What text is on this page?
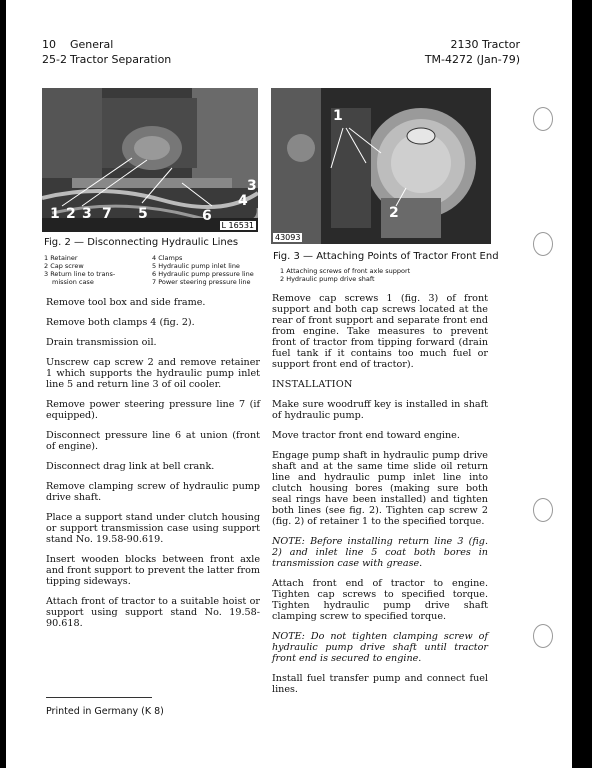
10 General
25-2 Tractor Separation
2130 Tractor
TM-4272 (Jan-79)
1 2 3 7 5	6
4
3
L 16531
Fig. 2 — Disconnecting Hydraulic Lines
1 Retainer
2 Cap screw
3 Return line to trans-
mission case
4 Clamps
5 Hydraulic pump inlet line
6 Hydraulic pump pressure line
7 Power steering pressure line
1
2
43093
Fig. 3 — Attaching Points of Tractor Front End
1 Attaching screws of front axle support
2 Hydraulic pump drive shaft

Remove tool box and side frame.

Remove both clamps 4 (fig. 2).

Drain transmission oil.

Unscrew cap screw 2 and remove retainer 1 which supports the hydraulic pump inlet line 5 and return line 3 of oil cooler.

Remove power steering pressure line 7 (if equipped).

Disconnect pressure line 6 at union (front of engine).

Disconnect drag link at bell crank.

Remove clamping screw of hydraulic pump drive shaft.

Place a support stand under clutch housing or support transmission case using support stand No. 19.58-90.619.

Insert wooden blocks between front axle and front support to prevent the latter from tipping sideways.

Attach front of tractor to a suitable hoist or support using support stand No. 19.58-90.618.

Remove cap screws 1 (fig. 3) of front support and both cap screws located at the rear of front support and separate front end from engine. Take measures to prevent front of tractor from tipping forward (drain fuel tank if it contains too much fuel or support front end of tractor).

INSTALLATION

Make sure woodruff key is installed in shaft of hydraulic pump.

Move tractor front end toward engine.

Engage pump shaft in hydraulic pump drive shaft and at the same time slide oil return line and hydraulic pump inlet line into clutch housing bores (making sure both seal rings have been installed) and tighten both lines (see fig. 2). Tighten cap screw 2 (fig. 2) of retainer 1 to the specified torque.

NOTE: Before installing return line 3 (fig. 2) and inlet line 5 coat both bores in transmission case with grease.

Attach front end of tractor to engine. Tighten cap screws to specified torque. Tighten hydraulic pump drive shaft clamping screw to specified torque.

NOTE: Do not tighten clamping screw of hydraulic pump drive shaft until tractor front end is secured to engine.

Install fuel transfer pump and connect fuel lines.

Printed in Germany (K 8)
